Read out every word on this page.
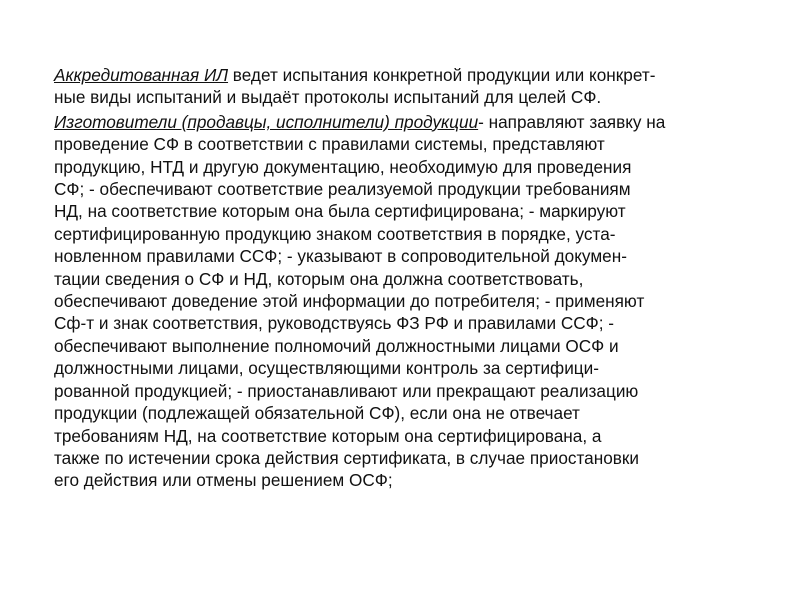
Аккредитованная ИЛ ведет испытания конкретной продукции или конкрет-
ные виды испытаний и выдаёт протоколы испытаний для целей СФ.

Изготовители (продавцы, исполнители) продукции- направляют заявку на
проведение СФ в соответствии с правилами системы, представляют
продукцию, НТД и другую документацию, необходимую для проведения
СФ; - обеспечивают соответствие реализуемой продукции требованиям
НД, на соответствие которым она была сертифицирована; - маркируют
сертифицированную продукцию знаком соответствия в порядке, уста-
новленном правилами ССФ; - указывают в сопроводительной докумен-
тации сведения о СФ и НД, которым она должна соответствовать,
обеспечивают доведение этой информации до потребителя; - применяют
Сф-т и знак соответствия, руководствуясь ФЗ РФ и правилами ССФ; -
обеспечивают выполнение полномочий должностными лицами ОСФ и
должностными лицами, осуществляющими контроль за сертифици-
рованной продукцией; - приостанавливают или прекращают реализацию
продукции (подлежащей обязательной СФ), если она не отвечает
требованиям НД, на соответствие которым она сертифицирована, а
также по истечении срока действия сертификата, в случае приостановки
его действия или отмены решением ОСФ;
